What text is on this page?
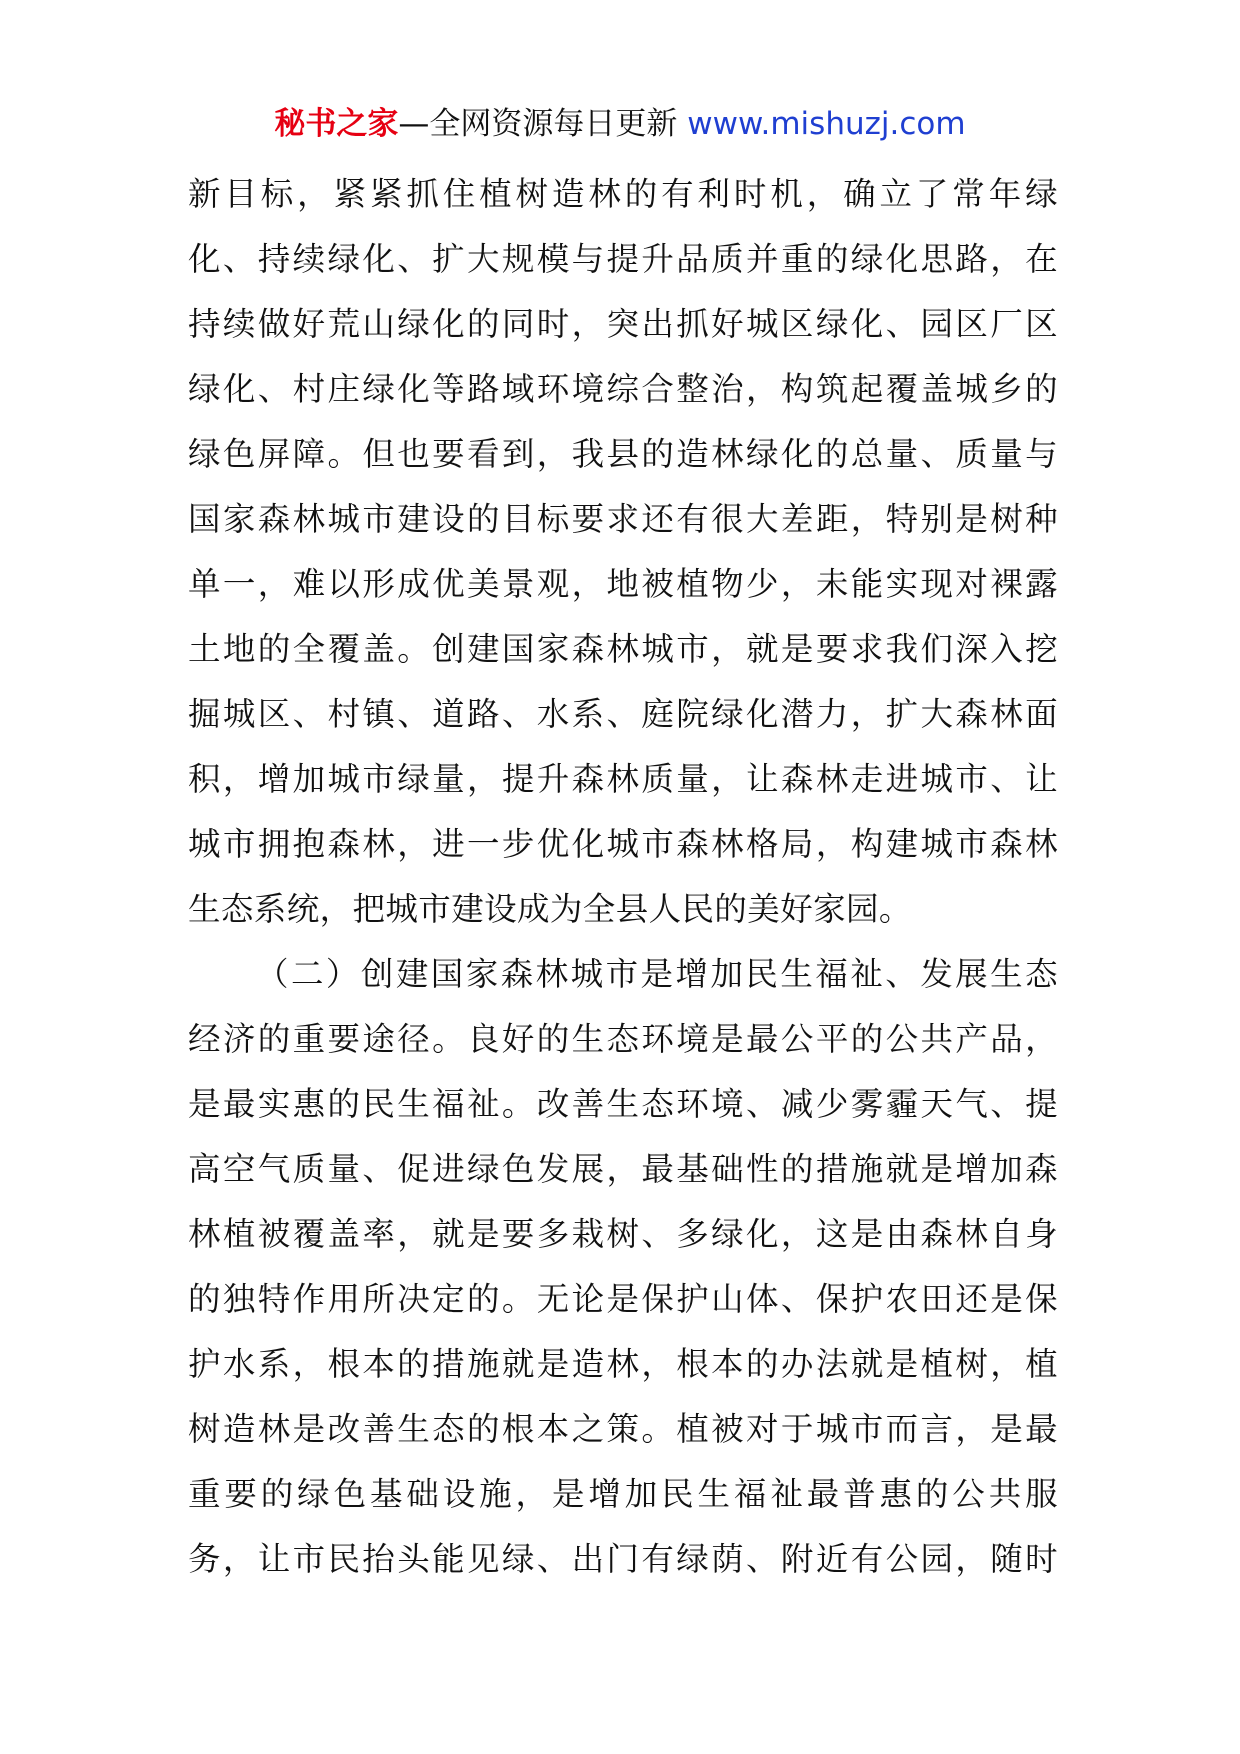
秘书之家—全网资源每日更新 www.mishuzj.com

新目标，紧紧抓住植树造林的有利时机，确立了常年绿
化、持续绿化、扩大规模与提升品质并重的绿化思路，在
持续做好荒山绿化的同时，突出抓好城区绿化、园区厂区
绿化、村庄绿化等路域环境综合整治，构筑起覆盖城乡的
绿色屏障。但也要看到，我县的造林绿化的总量、质量与
国家森林城市建设的目标要求还有很大差距，特别是树种
单一，难以形成优美景观，地被植物少，未能实现对裸露
土地的全覆盖。创建国家森林城市，就是要求我们深入挖
掘城区、村镇、道路、水系、庭院绿化潜力，扩大森林面
积，增加城市绿量，提升森林质量，让森林走进城市、让
城市拥抱森林，进一步优化城市森林格局，构建城市森林
生态系统，把城市建设成为全县人民的美好家园。

（二）创建国家森林城市是增加民生福祉、发展生态
经济的重要途径。良好的生态环境是最公平的公共产品，
是最实惠的民生福祉。改善生态环境、减少雾霾天气、提
高空气质量、促进绿色发展，最基础性的措施就是增加森
林植被覆盖率，就是要多栽树、多绿化，这是由森林自身
的独特作用所决定的。无论是保护山体、保护农田还是保
护水系，根本的措施就是造林，根本的办法就是植树，植
树造林是改善生态的根本之策。植被对于城市而言，是最
重要的绿色基础设施，是增加民生福祉最普惠的公共服
务，让市民抬头能见绿、出门有绿荫、附近有公园，随时
